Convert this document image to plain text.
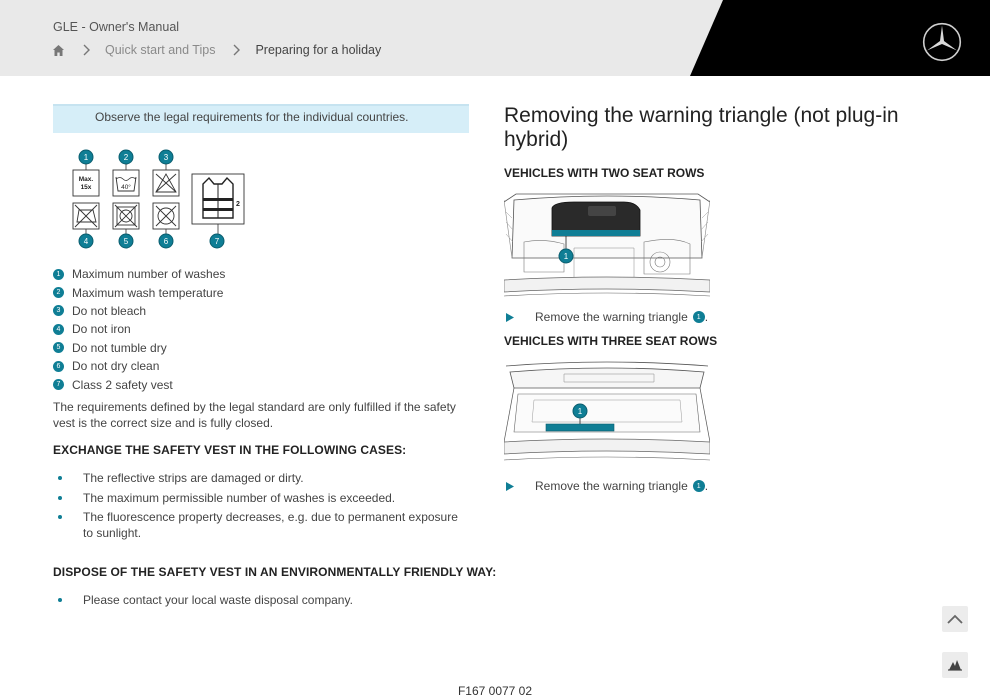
GLE - Owner's Manual
Quick start and Tips	Preparing for a holiday
Observe the legal requirements for the individual countries.
1	2	3
Max.
15x	40°
2
4	5	6	7
1 Maximum number of washes
2 Maximum wash temperature
3 Do not bleach
4 Do not iron
5 Do not tumble dry
6 Do not dry clean
7 Class 2 safety vest

The requirements defined by the legal standard are only fulfilled if the safety vest is the correct size and is fully closed.

EXCHANGE THE SAFETY VEST IN THE FOLLOWING CASES:
The reflective strips are damaged or dirty.
The maximum permissible number of washes is exceeded.
The fluorescence property decreases, e.g. due to permanent exposure to sunlight.
DISPOSE OF THE SAFETY VEST IN AN ENVIRONMENTALLY FRIENDLY WAY:
Please contact your local waste disposal company.
Removing the warning triangle (not plug-in hybrid)
VEHICLES WITH TWO SEAT ROWS
1
Remove the warning triangle	1 .
VEHICLES WITH THREE SEAT ROWS
1
Remove the warning triangle	1 .
F167 0077 02
